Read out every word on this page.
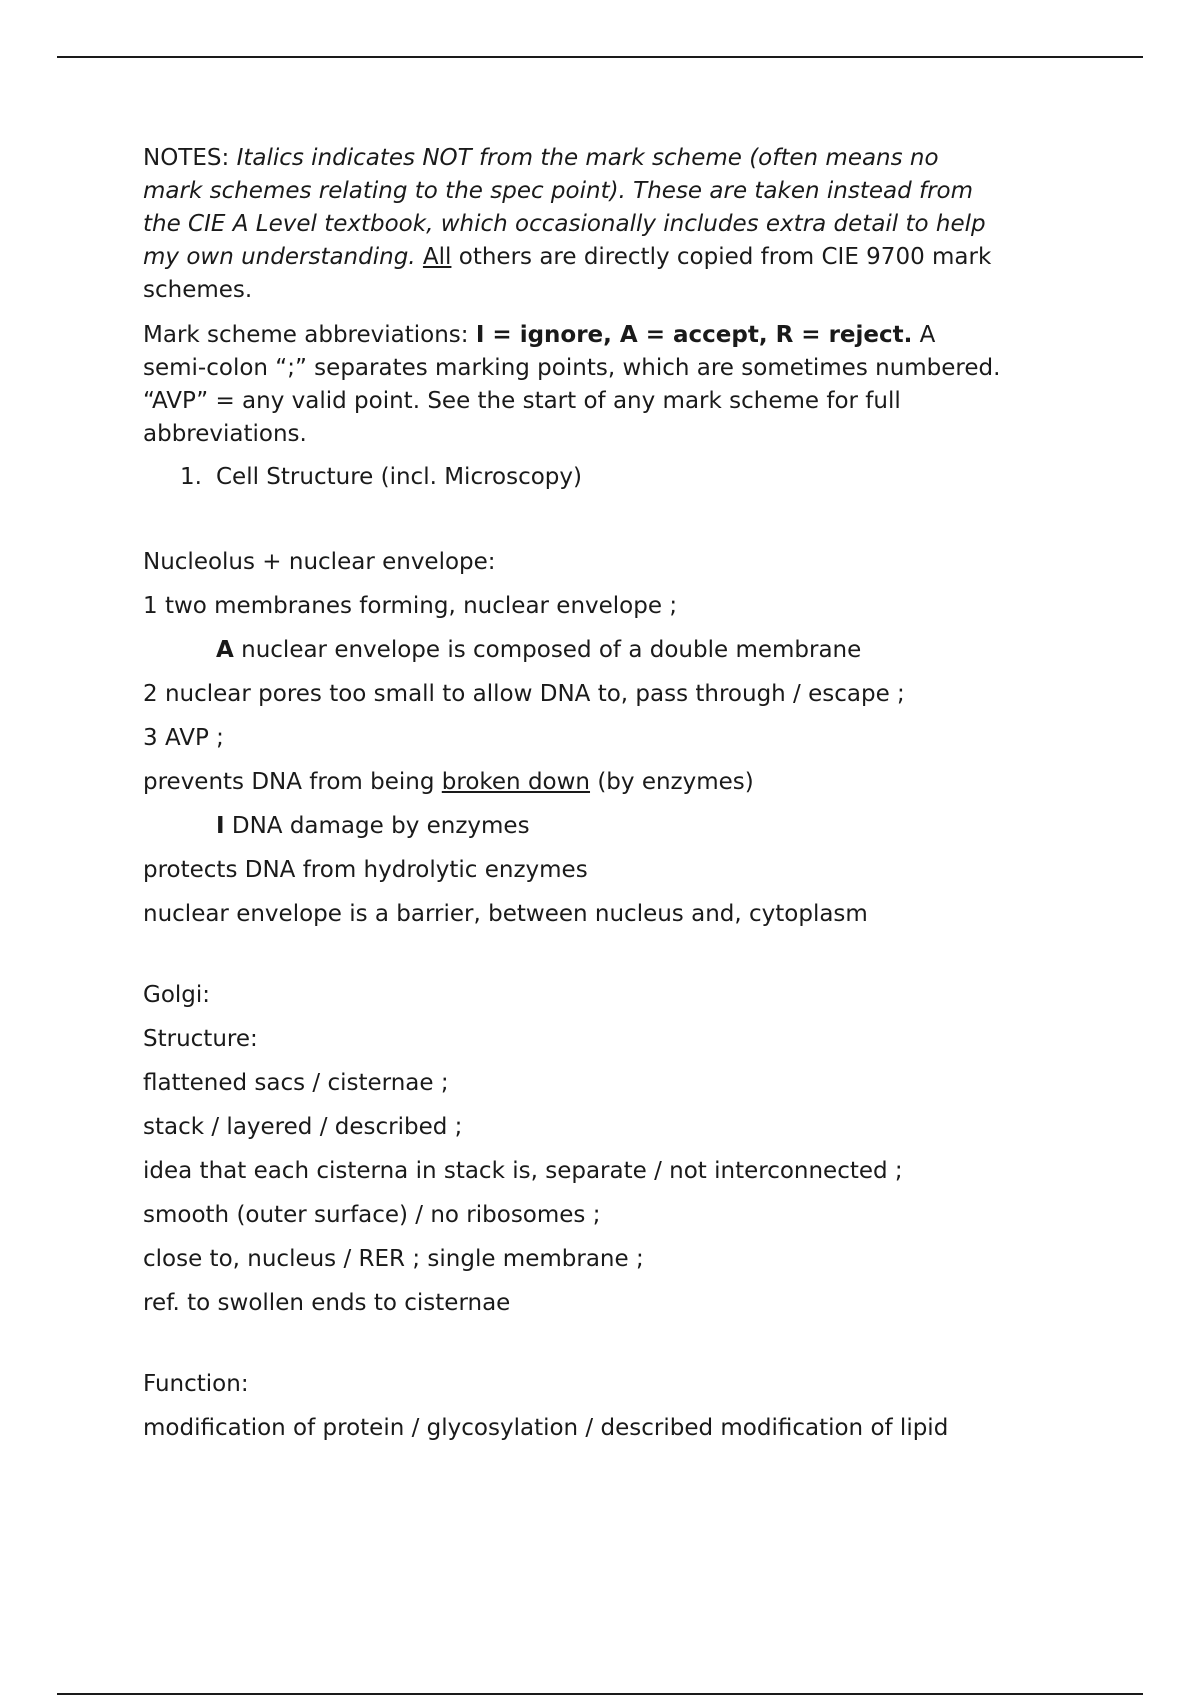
NOTES: Italics indicates NOT from the mark scheme (often means no mark schemes relating to the spec point). These are taken instead from the CIE A Level textbook, which occasionally includes extra detail to help my own understanding. All others are directly copied from CIE 9700 mark schemes.

Mark scheme abbreviations: I = ignore, A = accept, R = reject. A semi-colon “;” separates marking points, which are sometimes numbered. “AVP” = any valid point. See the start of any mark scheme for full abbreviations.

1. Cell Structure (incl. Microscopy)

Nucleolus + nuclear envelope:

1 two membranes forming, nuclear envelope ;

A nuclear envelope is composed of a double membrane

2 nuclear pores too small to allow DNA to, pass through / escape ;

3 AVP ;

prevents DNA from being broken down (by enzymes)

I DNA damage by enzymes

protects DNA from hydrolytic enzymes

nuclear envelope is a barrier, between nucleus and, cytoplasm

Golgi:

Structure:

flattened sacs / cisternae ;

stack / layered / described ;

idea that each cisterna in stack is, separate / not interconnected ;

smooth (outer surface) / no ribosomes ;

close to, nucleus / RER ; single membrane ;

ref. to swollen ends to cisternae

Function:

modification of protein / glycosylation / described modification of lipid
